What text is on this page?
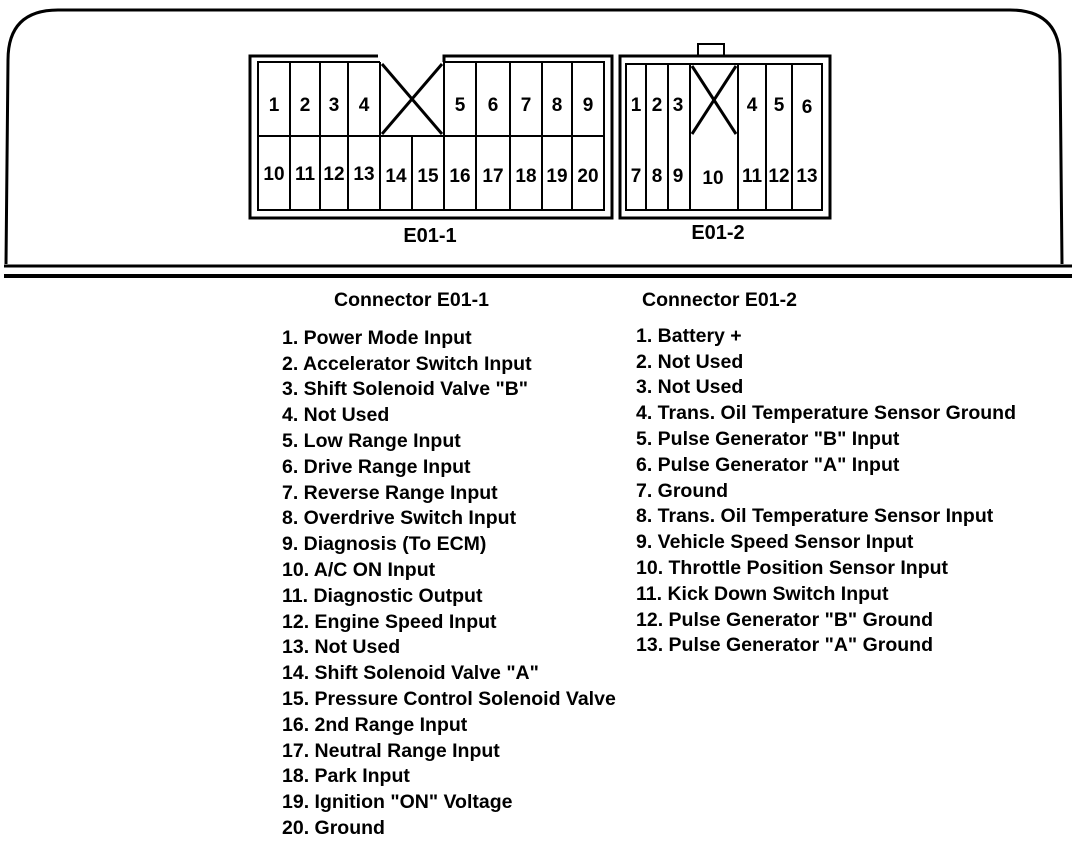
1 2 3 4	5 6 7 8 9
10 11 12 13 14 15 16 17 18 19 20
E01-1
1 2 3	4 5 6
7 8 9 10 11 12 13
E01-2
Connector E01-1
1. Power Mode Input
2. Accelerator Switch Input
3. Shift Solenoid Valve "B"
4. Not Used
5. Low Range Input
6. Drive Range Input
7. Reverse Range Input
8. Overdrive Switch Input
9. Diagnosis (To ECM)
10. A/C ON Input
11. Diagnostic Output
12. Engine Speed Input
13. Not Used
14. Shift Solenoid Valve "A"
15. Pressure Control Solenoid Valve
16. 2nd Range Input
17. Neutral Range Input
18. Park Input
19. Ignition "ON" Voltage
20. Ground
Connector E01-2
1. Battery +
2. Not Used
3. Not Used
4. Trans. Oil Temperature Sensor Ground
5. Pulse Generator "B" Input
6. Pulse Generator "A" Input
7. Ground
8. Trans. Oil Temperature Sensor Input
9. Vehicle Speed Sensor Input
10. Throttle Position Sensor Input
11. Kick Down Switch Input
12. Pulse Generator "B" Ground
13. Pulse Generator "A" Ground
